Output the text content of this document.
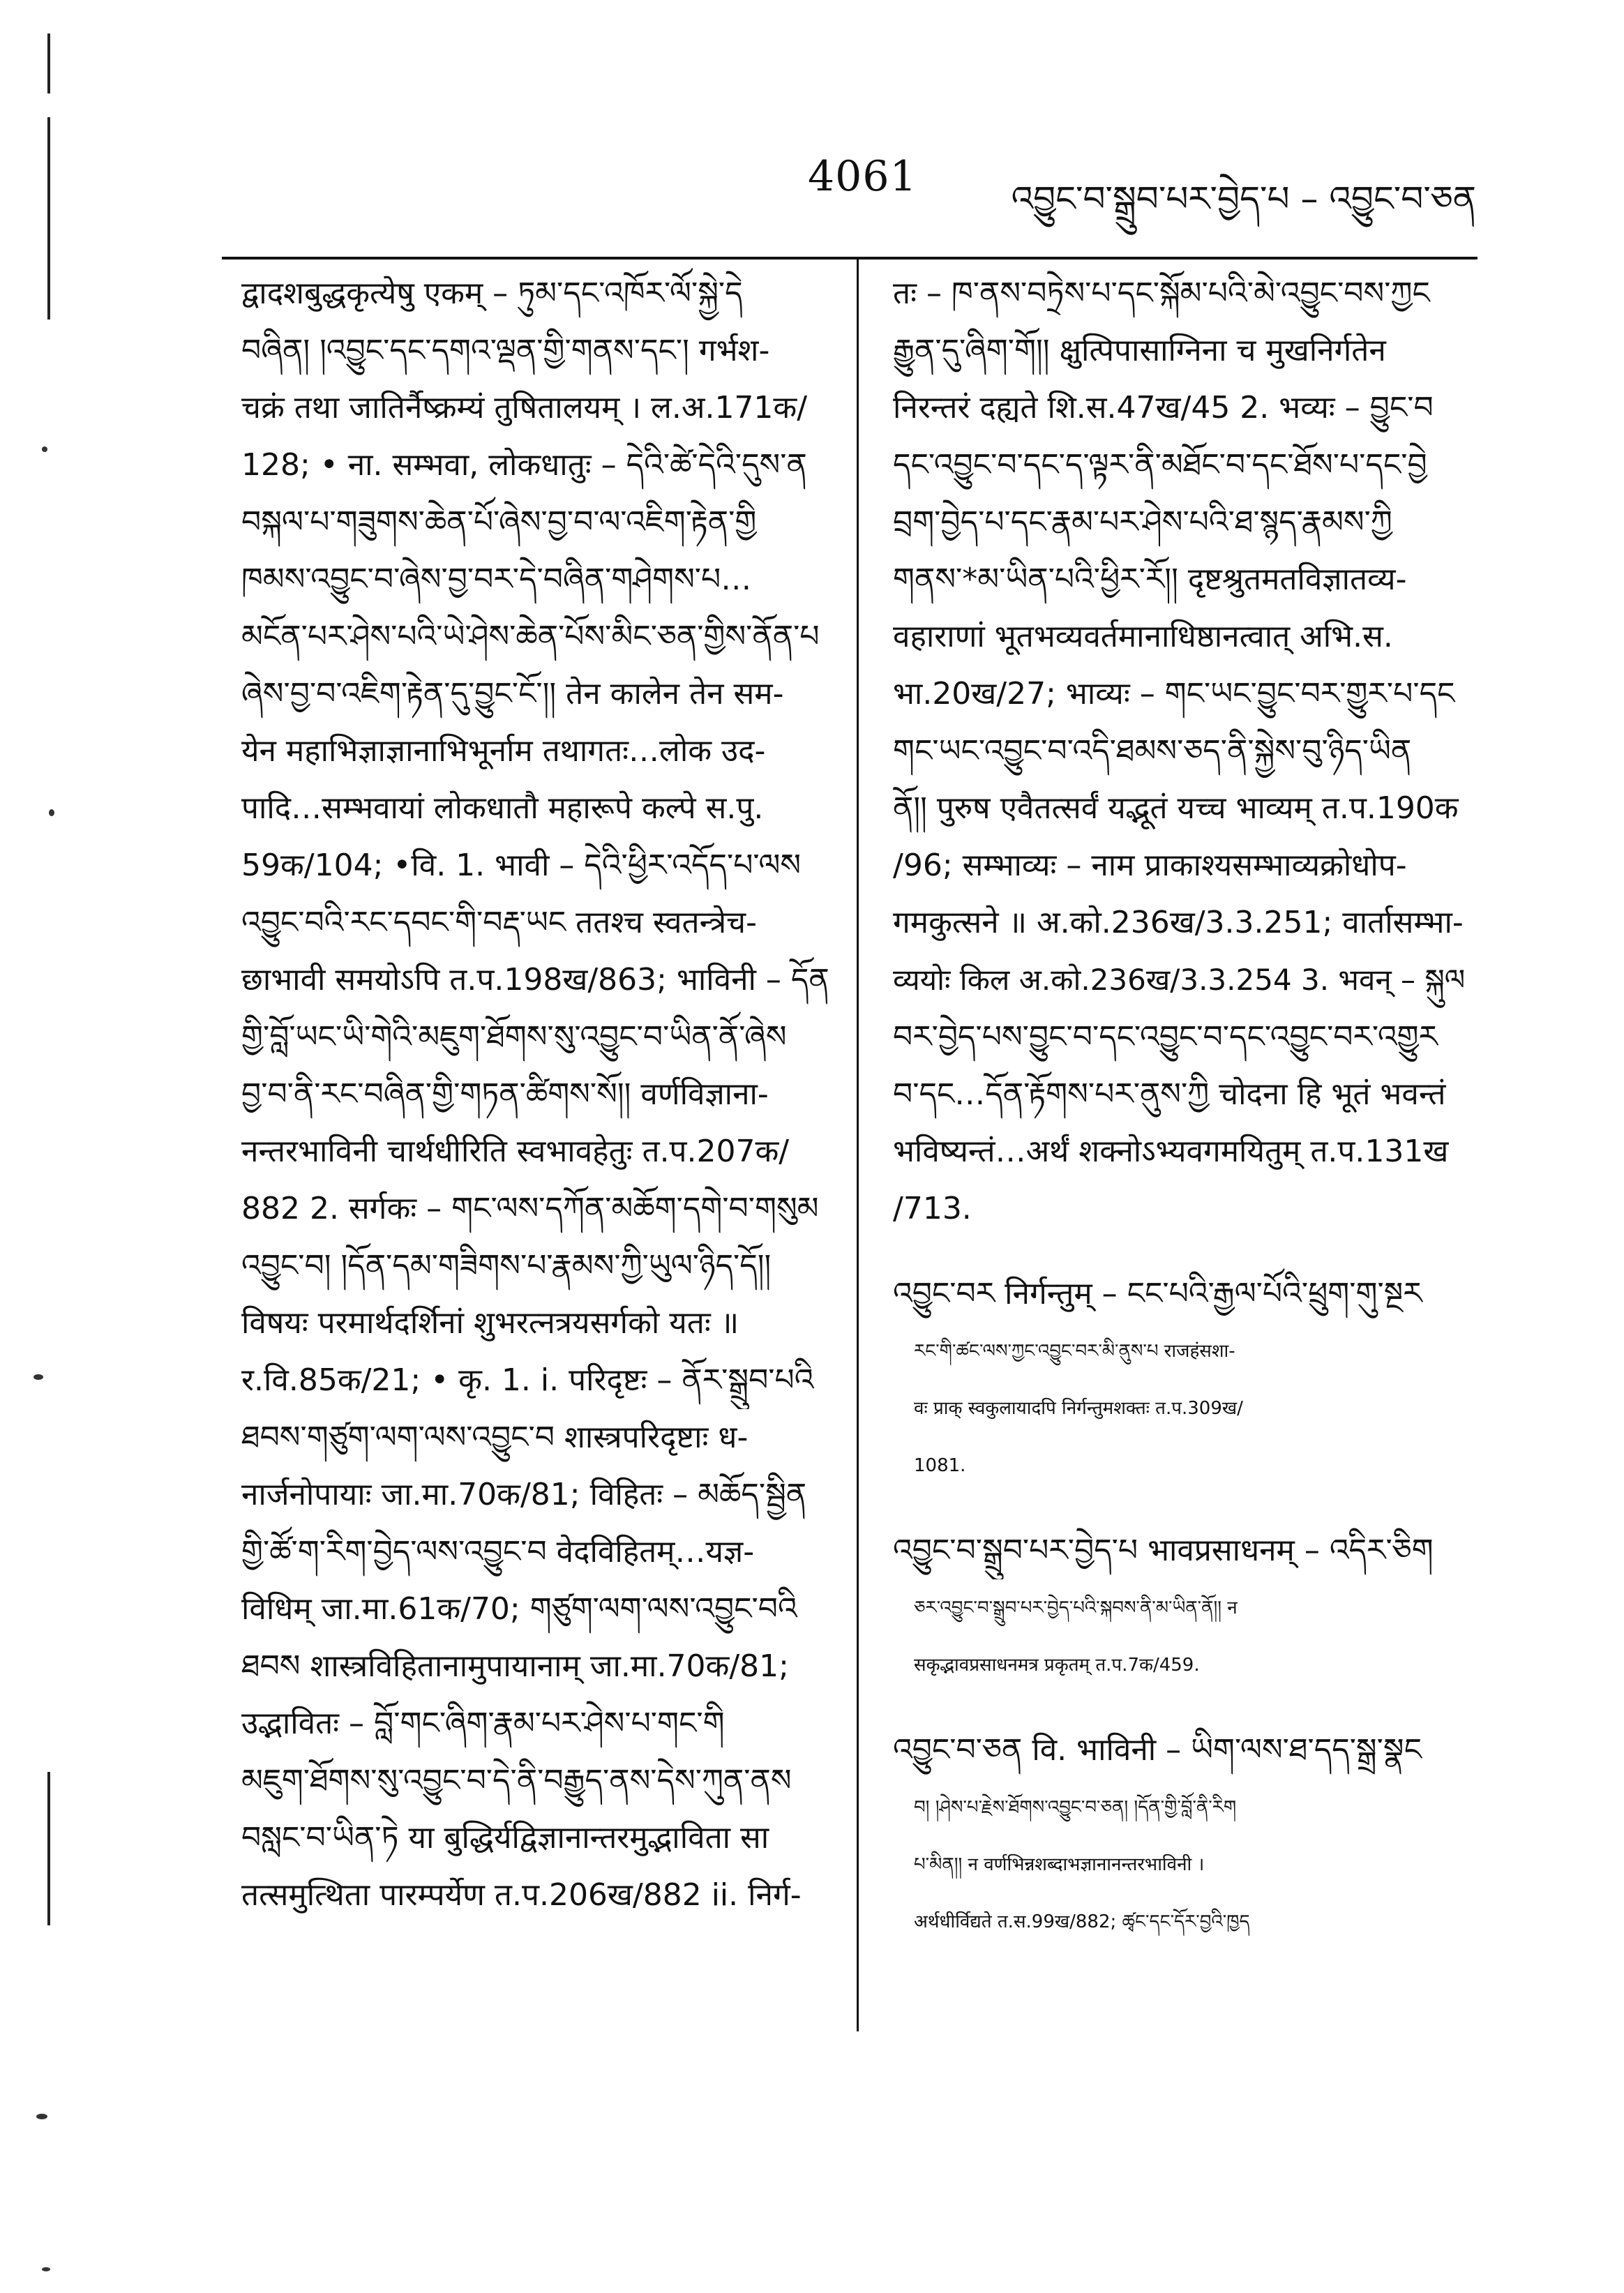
4061	འབྱུང་བ་སྒྲུབ་པར་བྱེད་པ – འབྱུང་བ་ཅན
द्वादशबुद्धकृत्येषु एकम् – ཏུམ་དང་འཁོར་ལོ་སྐྱེ་དེ
བཞིན། །འབྱུང་དང་དགའ་ལྡན་གྱི་གནས་དང་། गर्भश-
चक्रं तथा जातिर्नैष्क्रम्यं तुषितालयम् । ल.अ.171क/
128; • ना. सम्भवा, लोकधातुः – དེའི་ཚེ་དེའི་དུས་ན
བསྐལ་པ་གཟུགས་ཆེན་པོ་ཞེས་བྱ་བ་ལ་འཇིག་རྟེན་གྱི
ཁམས་འབྱུང་བ་ཞེས་བྱ་བར་དེ་བཞིན་གཤེགས་པ…
མངོན་པར་ཤེས་པའི་ཡེ་ཤེས་ཆེན་པོས་མིང་ཅན་གྱིས་ནོན་པ
ཞེས་བྱ་བ་འཇིག་རྟེན་དུ་བྱུང་ངོ་།། तेन कालेन तेन सम-
येन महाभिज्ञाज्ञानाभिभूर्नाम तथागतः…लोक उद-
पादि…सम्भवायां लोकधातौ महारूपे कल्पे स.पु.
59क/104; •वि. 1. भावी – དེའི་ཕྱིར་འདོད་པ་ལས
འབྱུང་བའི་རང་དབང་གི་བརྡ་ཡང ततश्च स्वतन्त्रेच-
छाभावी समयोऽपि त.प.198ख/863; भाविनी – དོན
གྱི་བློ་ཡང་ཡི་གེའི་མཇུག་ཐོགས་སུ་འབྱུང་བ་ཡིན་ནོ་ཞེས
བྱ་བ་ནི་རང་བཞིན་གྱི་གཏན་ཚིགས་སོ།། वर्णविज्ञाना-
नन्तरभाविनी चार्थधीरिति स्वभावहेतुः त.प.207क/
882 2. सर्गकः – གང་ལས་དཀོན་མཆོག་དགེ་བ་གསུམ
འབྱུང་བ། །དོན་དམ་གཟིགས་པ་རྣམས་ཀྱི་ཡུལ་ཉིད་དོ།།
विषयः परमार्थदर्शिनां शुभरत्नत्रयसर्गको यतः ॥
र.वि.85क/21; • कृ. 1. i. परिदृष्टः – ནོར་སྒྲུབ་པའི
ཐབས་གཙུག་ལག་ལས་འབྱུང་བ शास्त्रपरिदृष्टाः ध-
नार्जनोपायाः जा.मा.70क/81; विहितः – མཆོད་སྦྱིན
གྱི་ཚོ་ག་རིག་བྱེད་ལས་འབྱུང་བ वेदविहितम्…यज्ञ-
विधिम् जा.मा.61क/70; གཙུག་ལག་ལས་འབྱུང་བའི
ཐབས शास्त्रविहितानामुपायानाम् जा.मा.70क/81;
उद्भावितः – བློ་གང་ཞིག་རྣམ་པར་ཤེས་པ་གང་གི
མཇུག་ཐོགས་སུ་འབྱུང་བ་དེ་ནི་བརྒྱུད་ནས་དེས་ཀུན་ནས
བསླང་བ་ཡིན་ཏེ या बुद्धिर्यद्विज्ञानान्तरमुद्भाविता सा
तत्समुत्थिता पारम्पर्येण त.प.206ख/882 ii. निर्ग-
तः – ཁ་ནས་བཏྲེས་པ་དང་སྐོམ་པའི་མེ་འབྱུང་བས་ཀྱང
རྒྱུན་དུ་ཞིག་གོ།། क्षुत्पिपासाग्निना च मुखनिर्गतेन
निरन्तरं दह्यते शि.स.47ख/45 2. भव्यः – བྱུང་བ
དང་འབྱུང་བ་དང་ད་ལྟར་ནི་མཐོང་བ་དང་ཐོས་པ་དང་བྱེ
བྲག་བྱེད་པ་དང་རྣམ་པར་ཤེས་པའི་ཐ་སྙད་རྣམས་ཀྱི
གནས་*མ་ཡིན་པའི་ཕྱིར་རོ།། दृष्टश्रुतमतविज्ञातव्य-
वहाराणां भूतभव्यवर्तमानाधिष्ठानत्वात् अभि.स.
भा.20ख/27; भाव्यः – གང་ཡང་བྱུང་བར་གྱུར་པ་དང
གང་ཡང་འབྱུང་བ་འདི་ཐམས་ཅད་ནི་སྐྱེས་བུ་ཉིད་ཡིན
ནོ།། पुरुष एवैतत्सर्वं यद्भूतं यच्च भाव्यम् त.प.190क
/96; सम्भाव्यः – नाम प्राकाश्यसम्भाव्यक्रोधोप-
गमकुत्सने ॥ अ.को.236ख/3.3.251; वार्तासम्भा-
व्ययोः किल अ.को.236ख/3.3.254 3. भवन् – སྐུལ
བར་བྱེད་པས་བྱུང་བ་དང་འབྱུང་བ་དང་འབྱུང་བར་འགྱུར
བ་དང…དོན་རྟོགས་པར་ནུས་ཀྱི चोदना हि भूतं भवन्तं
भविष्यन्तं…अर्थं शक्नोऽभ्यवगमयितुम् त.प.131ख
/713.
འབྱུང་བར निर्गन्तुम् – ངང་པའི་རྒྱལ་པོའི་ཕྲུག་གུ་སྔར
རང་གི་ཚང་ལས་ཀྱང་འབྱུང་བར་མི་ནུས་པ राजहंसशा-
वः प्राक् स्वकुलायादपि निर्गन्तुमशक्तः त.प.309ख/
1081.
འབྱུང་བ་སྒྲུབ་པར་བྱེད་པ भावप्रसाधनम् – འདིར་ཅིག
ཅར་འབྱུང་བ་སྒྲུབ་པར་བྱེད་པའི་སྐབས་ནི་མ་ཡིན་ནོ།། न
सकृद्भावप्रसाधनमत्र प्रकृतम् त.प.7क/459.
འབྱུང་བ་ཅན वि. भाविनी – ཡིག་ལས་ཐ་དད་སྒྲ་སྣང
བ། །ཤེས་པ་རྗེས་ཐོགས་འབྱུང་བ་ཅན། །དོན་གྱི་བློ་ནི་རིག
པ་མིན།། न वर्णभिन्नशब्दाभज्ञानानन्तरभाविनी ।
अर्थधीर्विद्यते त.स.99ख/882; ཚྭང་དང་དོར་བྱའི་ཁྱད
